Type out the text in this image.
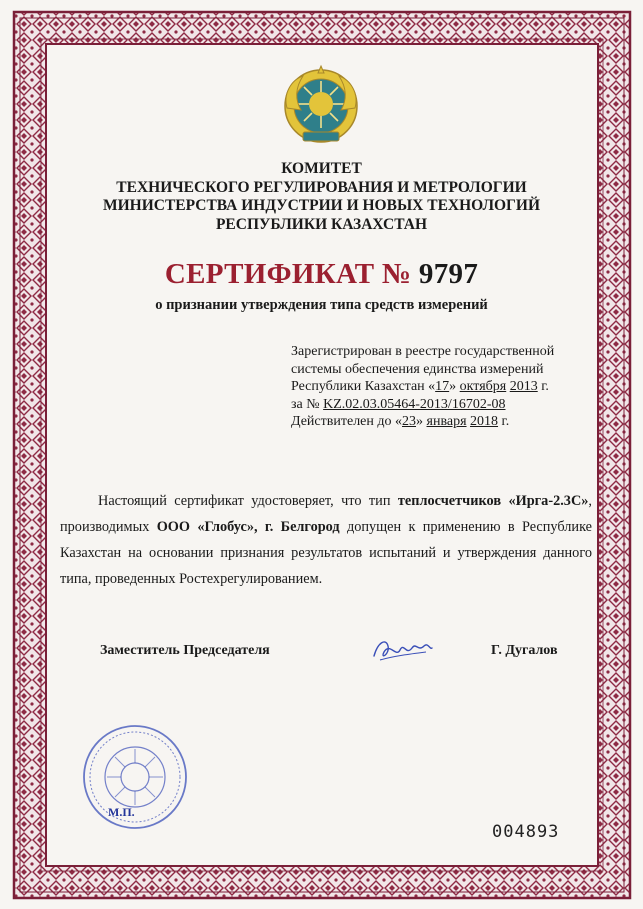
КОМИТЕТ
ТЕХНИЧЕСКОГО РЕГУЛИРОВАНИЯ И МЕТРОЛОГИИ
МИНИСТЕРСТВА ИНДУСТРИИ И НОВЫХ ТЕХНОЛОГИЙ
РЕСПУБЛИКИ КАЗАХСТАН
СЕРТИФИКАТ № 9797
о признании утверждения типа средств измерений
Зарегистрирован в реестре государственной
системы обеспечения единства измерений
Республики Казахстан «17» октября 2013 г.
за № KZ.02.03.05464-2013/16702-08
Действителен до «23» января 2018 г.
Настоящий сертификат удостоверяет, что тип теплосчетчиков «Ирга-2.3С», производимых ООО «Глобус», г. Белгород допущен к применению в Республике Казахстан на основании признания результатов испытаний и утверждения данного типа, проведенных Ростехрегулированием.
Заместитель Председателя	Г. Дугалов
М.П.
004893
